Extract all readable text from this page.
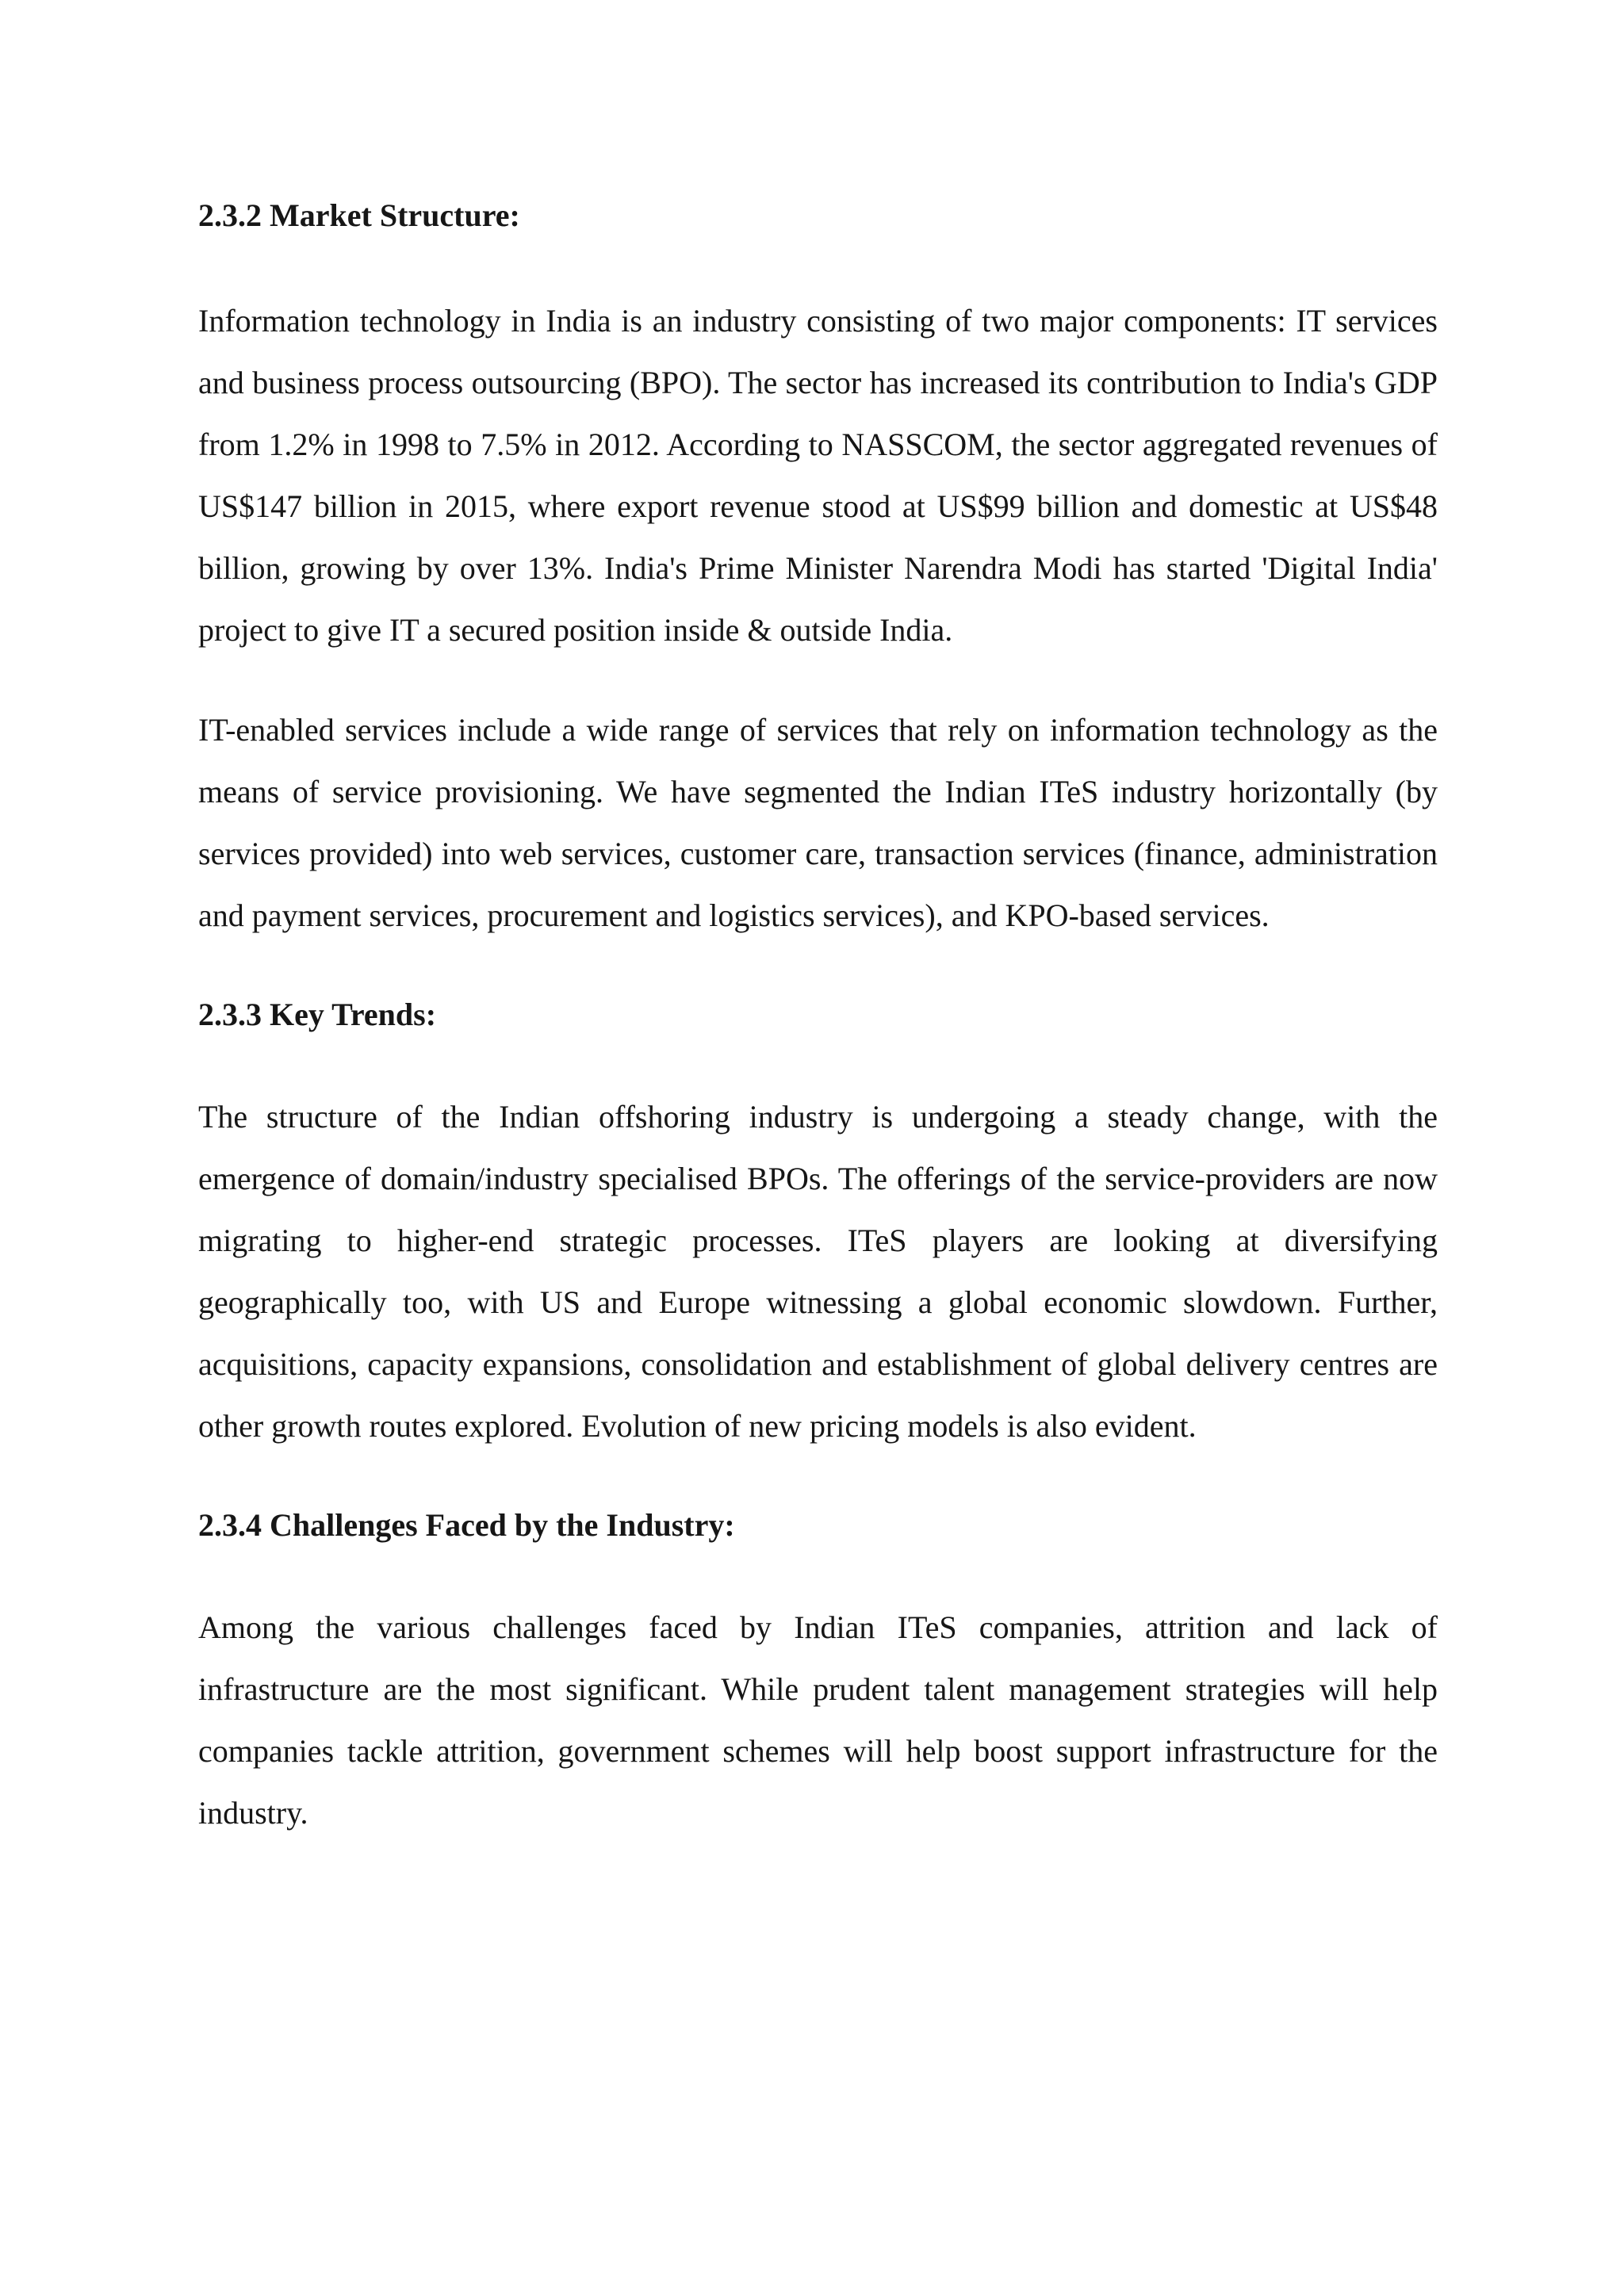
2.3.2 Market Structure:

Information technology in India is an industry consisting of two major components: IT services and business process outsourcing (BPO). The sector has increased its contribution to India's GDP from 1.2% in 1998 to 7.5% in 2012. According to NASSCOM, the sector aggregated revenues of US$147 billion in 2015, where export revenue stood at US$99 billion and domestic at US$48 billion, growing by over 13%. India's Prime Minister Narendra Modi has started 'Digital India' project to give IT a secured position inside & outside India.

IT-enabled services include a wide range of services that rely on information technology as the means of service provisioning. We have segmented the Indian ITeS industry horizontally (by services provided) into web services, customer care, transaction services (finance, administration and payment services, procurement and logistics services), and KPO-based services.

2.3.3 Key Trends:

The structure of the Indian offshoring industry is undergoing a steady change, with the emergence of domain/industry specialised BPOs. The offerings of the service-providers are now migrating to higher-end strategic processes. ITeS players are looking at diversifying geographically too, with US and Europe witnessing a global economic slowdown. Further, acquisitions, capacity expansions, consolidation and establishment of global delivery centres are other growth routes explored. Evolution of new pricing models is also evident.

2.3.4 Challenges Faced by the Industry:

Among the various challenges faced by Indian ITeS companies, attrition and lack of infrastructure are the most significant. While prudent talent management strategies will help companies tackle attrition, government schemes will help boost support infrastructure for the industry.
